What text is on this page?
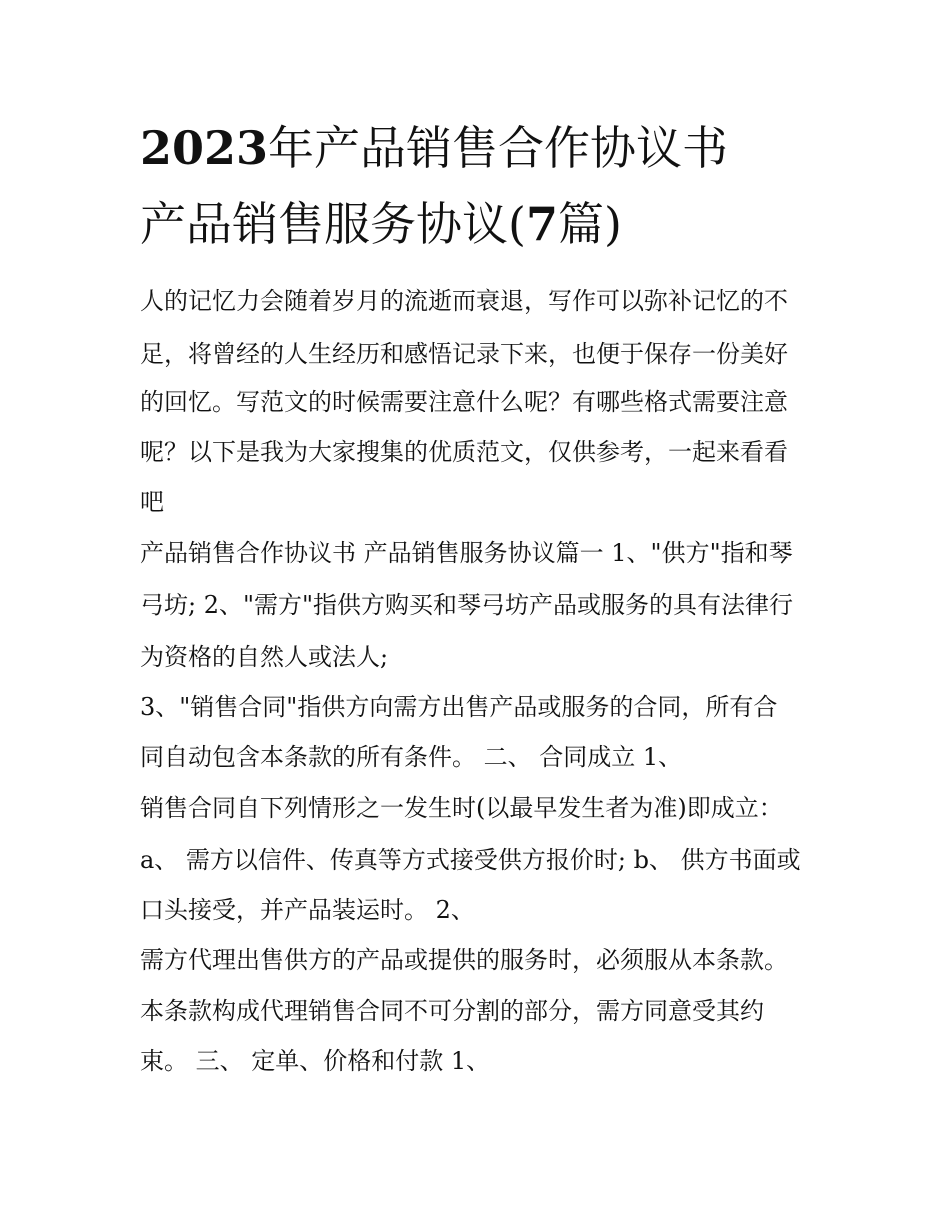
2023年产品销售合作协议书
产品销售服务协议(7篇)

人的记忆力会随着岁月的流逝而衰退，写作可以弥补记忆的不

足，将曾经的人生经历和感悟记录下来，也便于保存一份美好

的回忆。写范文的时候需要注意什么呢？有哪些格式需要注意

呢？以下是我为大家搜集的优质范文，仅供参考，一起来看看

吧

产品销售合作协议书 产品销售服务协议篇一 1、"供方"指和琴

弓坊; 2、"需方"指供方购买和琴弓坊产品或服务的具有法律行

为资格的自然人或法人;

3、"销售合同"指供方向需方出售产品或服务的合同，所有合

同自动包含本条款的所有条件。 二、 合同成立 1、

销售合同自下列情形之一发生时(以最早发生者为准)即成立：

a、 需方以信件、传真等方式接受供方报价时; b、 供方书面或

口头接受，并产品装运时。 2、

需方代理出售供方的产品或提供的服务时，必须服从本条款。

本条款构成代理销售合同不可分割的部分，需方同意受其约

束。 三、 定单、价格和付款 1、
